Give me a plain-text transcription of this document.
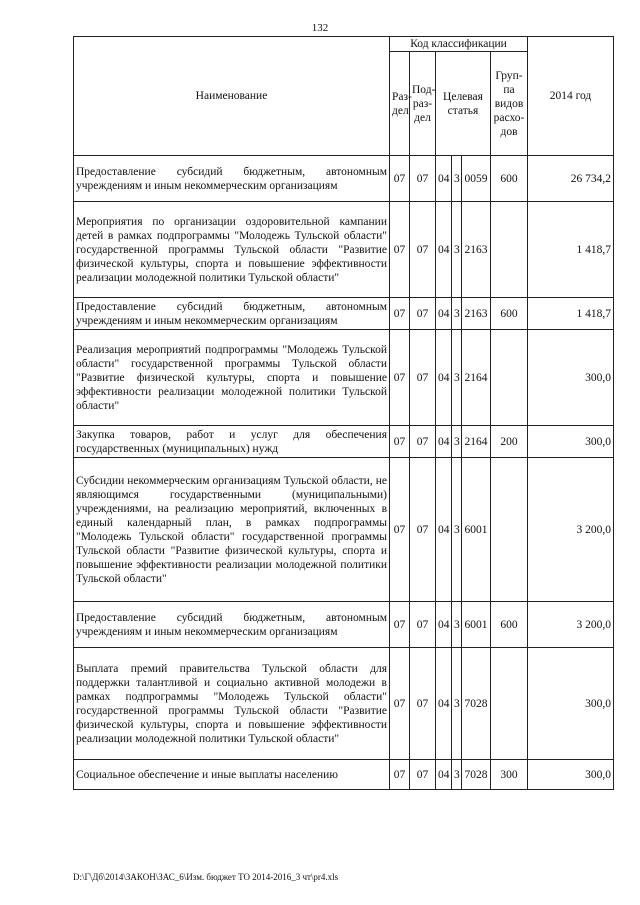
132
Наименование	Код классификации						2014 год
	Раз-дел	Под-раз-дел	Целевая статья			Груп-па видов расхо-дов	
Предоставление субсидий бюджетным, автономным учреждениям и иным некоммерческим организациям	07	07	04	3	0059	600	26 734,2
Мероприятия по организации оздоровительной кампании детей в рамках подпрограммы "Молодежь Тульской области" государственной программы Тульской области "Развитие физической культуры, спорта и повышение эффективности реализации молодежной политики Тульской области"	07	07	04	3	2163		1 418,7
Предоставление субсидий бюджетным, автономным учреждениям и иным некоммерческим организациям	07	07	04	3	2163	600	1 418,7
Реализация мероприятий подпрограммы "Молодежь Тульской области" государственной программы Тульской области "Развитие физической культуры, спорта и повышение эффективности реализации молодежной политики Тульской области"	07	07	04	3	2164		300,0
Закупка товаров, работ и услуг для обеспечения государственных (муниципальных) нужд	07	07	04	3	2164	200	300,0
Субсидии некоммерческим организациям Тульской области, не являющимся государственными (муниципальными) учреждениями, на реализацию мероприятий, включенных в единый календарный план, в рамках подпрограммы "Молодежь Тульской области" государственной программы Тульской области "Развитие физической культуры, спорта и повышение эффективности реализации молодежной политики Тульской области"	07	07	04	3	6001		3 200,0
Предоставление субсидий бюджетным, автономным учреждениям и иным некоммерческим организациям	07	07	04	3	6001	600	3 200,0
Выплата премий правительства Тульской области для поддержки талантливой и социально активной молодежи в рамках подпрограммы "Молодежь Тульской области" государственной программы Тульской области "Развитие физической культуры, спорта и повышение эффективности реализации молодежной политики Тульской области"	07	07	04	3	7028		300,0
Социальное обеспечение и иные выплаты населению	07	07	04	3	7028	300	300,0
D:\Г\Дб\2014\ЗАКОН\ЗАС_6\Изм. бюджет ТО 2014-2016_3 чт\pr4.xls
